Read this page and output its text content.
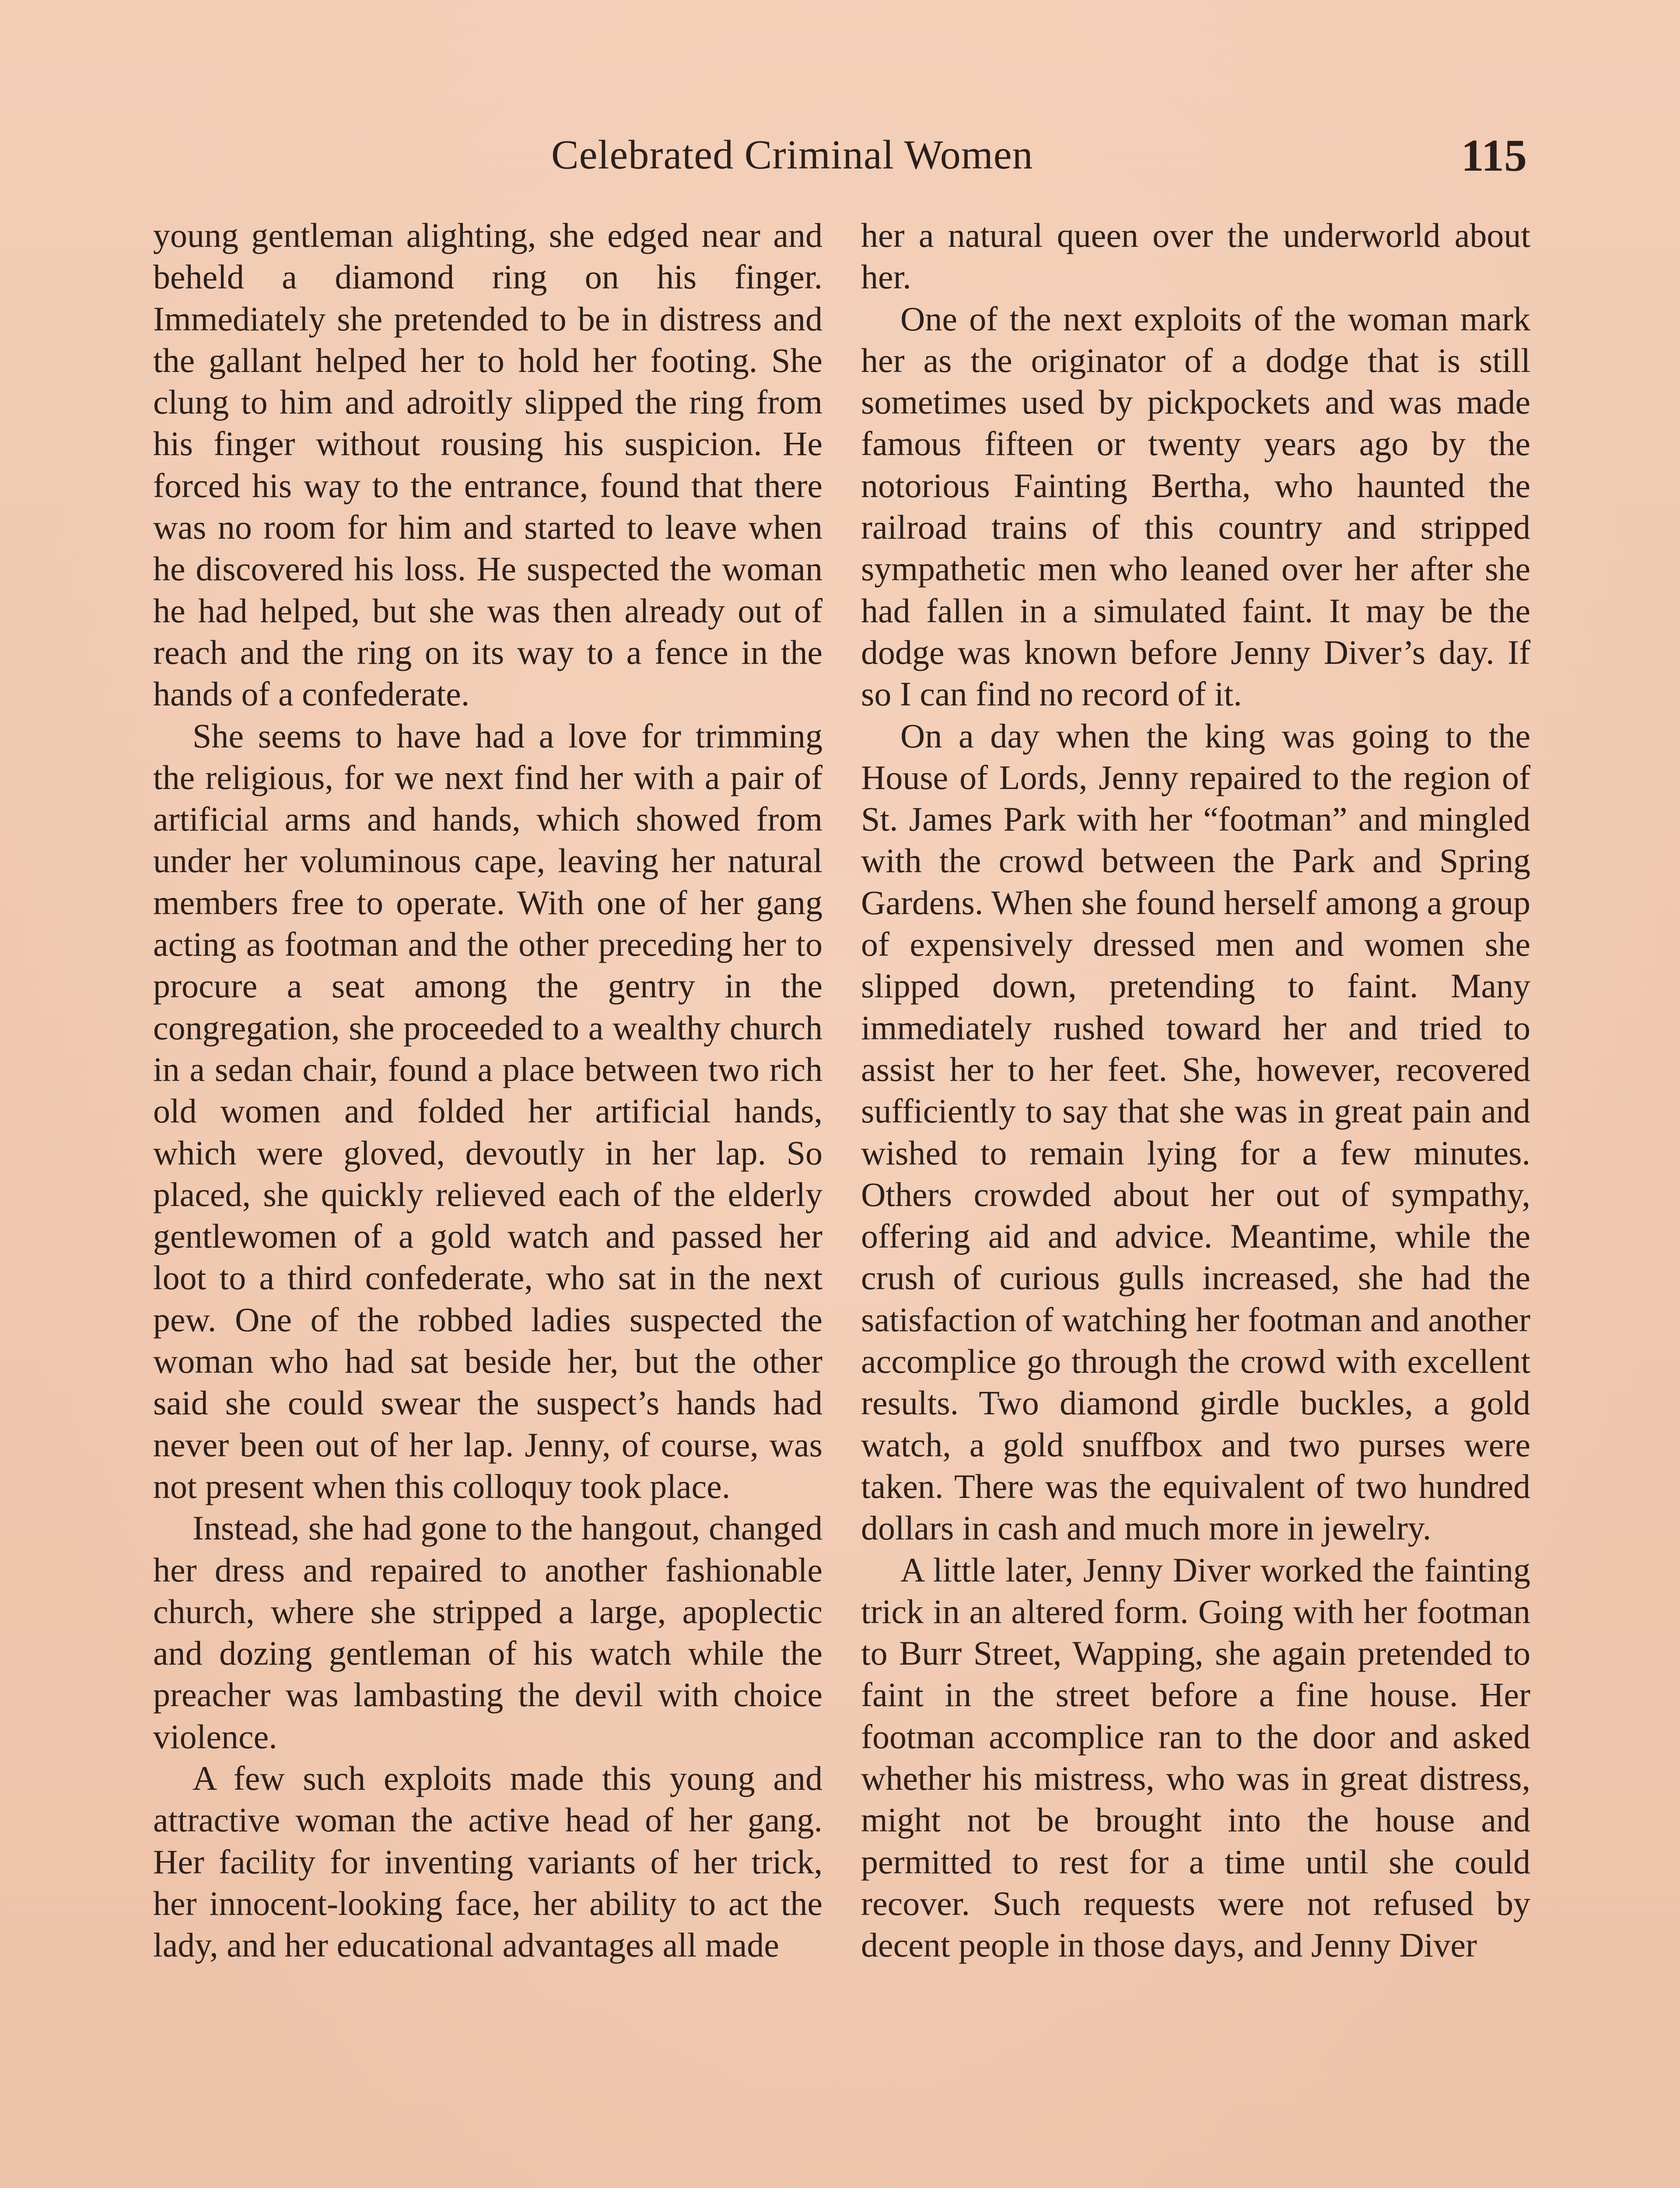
Celebrated Criminal Women	115

young gentleman alighting, she edged near and beheld a diamond ring on his finger. Immediately she pretended to be in distress and the gallant helped her to hold her footing. She clung to him and adroitly slipped the ring from his finger without rousing his suspicion. He forced his way to the entrance, found that there was no room for him and started to leave when he discovered his loss. He suspected the woman he had helped, but she was then already out of reach and the ring on its way to a fence in the hands of a confederate.

She seems to have had a love for trimming the religious, for we next find her with a pair of artificial arms and hands, which showed from under her voluminous cape, leaving her natural members free to operate. With one of her gang acting as footman and the other preceding her to procure a seat among the gentry in the congregation, she proceeded to a wealthy church in a sedan chair, found a place between two rich old women and folded her artificial hands, which were gloved, devoutly in her lap. So placed, she quickly relieved each of the elderly gentlewomen of a gold watch and passed her loot to a third confederate, who sat in the next pew. One of the robbed ladies suspected the woman who had sat beside her, but the other said she could swear the suspect’s hands had never been out of her lap. Jenny, of course, was not present when this colloquy took place.

Instead, she had gone to the hangout, changed her dress and repaired to another fashionable church, where she stripped a large, apoplectic and dozing gentleman of his watch while the preacher was lambasting the devil with choice violence.

A few such exploits made this young and attractive woman the active head of her gang. Her facility for inventing variants of her trick, her innocent-looking face, her ability to act the lady, and her educational advantages all made

her a natural queen over the underworld about her.

One of the next exploits of the woman mark her as the originator of a dodge that is still sometimes used by pickpockets and was made famous fifteen or twenty years ago by the notorious Fainting Bertha, who haunted the railroad trains of this country and stripped sympathetic men who leaned over her after she had fallen in a simulated faint. It may be the dodge was known before Jenny Diver’s day. If so I can find no record of it.

On a day when the king was going to the House of Lords, Jenny repaired to the region of St. James Park with her “footman” and mingled with the crowd between the Park and Spring Gardens. When she found herself among a group of expensively dressed men and women she slipped down, pretending to faint. Many immediately rushed toward her and tried to assist her to her feet. She, however, recovered sufficiently to say that she was in great pain and wished to remain lying for a few minutes. Others crowded about her out of sympathy, offering aid and advice. Meantime, while the crush of curious gulls increased, she had the satisfaction of watching her footman and another accomplice go through the crowd with excellent results. Two diamond girdle buckles, a gold watch, a gold snuffbox and two purses were taken. There was the equivalent of two hundred dollars in cash and much more in jewelry.

A little later, Jenny Diver worked the fainting trick in an altered form. Going with her footman to Burr Street, Wapping, she again pretended to faint in the street before a fine house. Her footman accomplice ran to the door and asked whether his mistress, who was in great distress, might not be brought into the house and permitted to rest for a time until she could recover. Such requests were not refused by decent people in those days, and Jenny Diver
